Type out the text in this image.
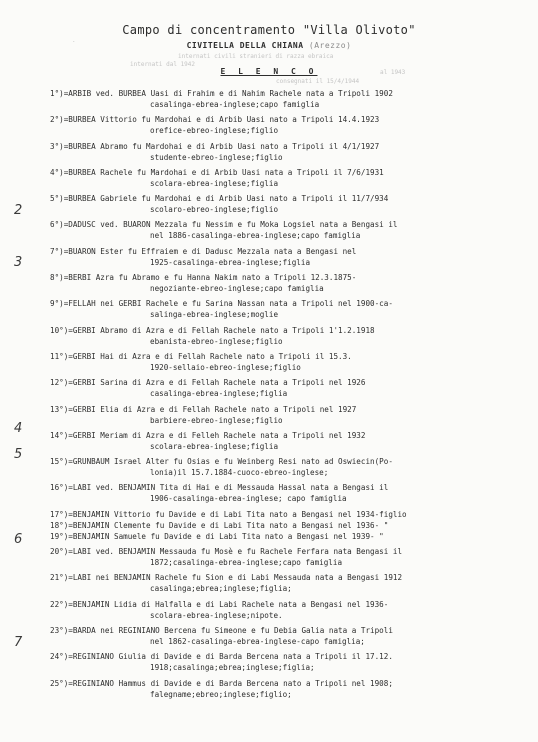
Campo di concentramento "Villa Olivoto"
.
CIVITELLA DELLA CHIANA (Arezzo)
internati civili stranieri di razza ebraica
internati dal 1942
E L E N C O	al 1943
consegnati il 15/4/1944
2
3
4
5
6
7
1°)=ARBIB ved. BURBEA Uasi di Frahim e di Nahim Rachele nata a Tripoli 1902
casalinga-ebrea-inglese;capo famiglia
2°)=BURBEA Vittorio fu Mardohai e di Arbib Uasi nato a Tripoli 14.4.1923
orefice-ebreo-inglese;figlio
3°)=BURBEA Abramo fu Mardohai e di Arbib Uasi nato a Tripoli il 4/1/1927
studente-ebreo-inglese;figlio
4°)=BURBEA Rachele fu Mardohai e di Arbib Uasi nata a Tripoli il 7/6/1931
scolara-ebrea-inglese;figlia
5°)=BURBEA Gabriele fu Mardohai e di Arbib Uasi nato a Tripoli il 11/7/934
scolaro-ebreo-inglese;figlio
6°)=DADUSC ved. BUARON Mezzala fu Nessim e fu Moka Logsiel nata a Bengasi il
nel 1886-casalinga-ebrea-inglese;capo famiglia
7°)=BUARON Ester fu Effraiem e di Dadusc Mezzala nata a Bengasi nel
1925-casalinga-ebrea-inglese;figlia
8°)=BERBI Azra fu Abramo e fu Hanna Nakim nato a Tripoli 12.3.1875-
negoziante-ebreo-inglese;capo famiglia
9°)=FELLAH nei GERBI Rachele e fu Sarina Nassan nata a Tripoli nel 1900-ca-
salinga-ebrea-inglese;moglie
10°)=GERBI Abramo di Azra e di Fellah Rachele nato a Tripoli 1'1.2.1918
ebanista-ebreo-inglese;figlio
11°)=GERBI Hai di Azra e di Fellah Rachele nato a Tripoli il 15.3.
1920-sellaio-ebreo-inglese;figlio
12°)=GERBI Sarina di Azra e di Fellah Rachele nata a Tripoli nel 1926
casalinga-ebrea-inglese;figlia
13°)=GERBI Elia di Azra e di Fellah Rachele nato a Tripoli nel 1927
barbiere-ebreo-inglese;figlio
14°)=GERBI Meriam di Azra e di Felleh Rachele nata a Tripoli nel 1932
scolara-ebrea-inglese;figlia
15°)=GRUNBAUM Israel Alter fu Osias e fu Weinberg Resi nato ad Oswiecin(Po-
lonia)il 15.7.1884-cuoco-ebreo-inglese;
16°)=LABI ved. BENJAMIN Tita di Hai e di Messauda Hassal nata a Bengasi il
1906-casalinga-ebrea-inglese; capo famiglia
17°)=BENJAMIN Vittorio fu Davide e di Labi Tita nato a Bengasi nel 1934-figlio
18°)=BENJAMIN Clemente fu Davide e di Labi Tita nato a Bengasi nel 1936- "
19°)=BENJAMIN Samuele fu Davide e di Labi Tita nato a Bengasi nel 1939- "
20°)=LABI ved. BENJAMIN Messauda fu Mosè e fu Rachele Ferfara nata Bengasi il
1872;casalinga-ebrea-inglese;capo famiglia
21°)=LABI nei BENJAMIN Rachele fu Sion e di Labi Messauda nata a Bengasi 1912
casalinga;ebrea;inglese;figlia;
22°)=BENJAMIN Lidia di Halfalla e di Labi Rachele nata a Bengasi nel 1936-
scolara-ebrea-inglese;nipote.
23°)=BARDA nei REGINIANO Bercena fu Simeone e fu Debia Galia nata a Tripoli
nel 1862-casalinga-ebrea-inglese-capo famiglia;
24°)=REGINIANO Giulia di Davide e di Barda Bercena nata a Tripoli il 17.12.
1918;casalinga;ebrea;inglese;figlia;
25°)=REGINIANO Hammus di Davide e di Barda Bercena nato a Tripoli nel 1908;
falegname;ebreo;inglese;figlio;
